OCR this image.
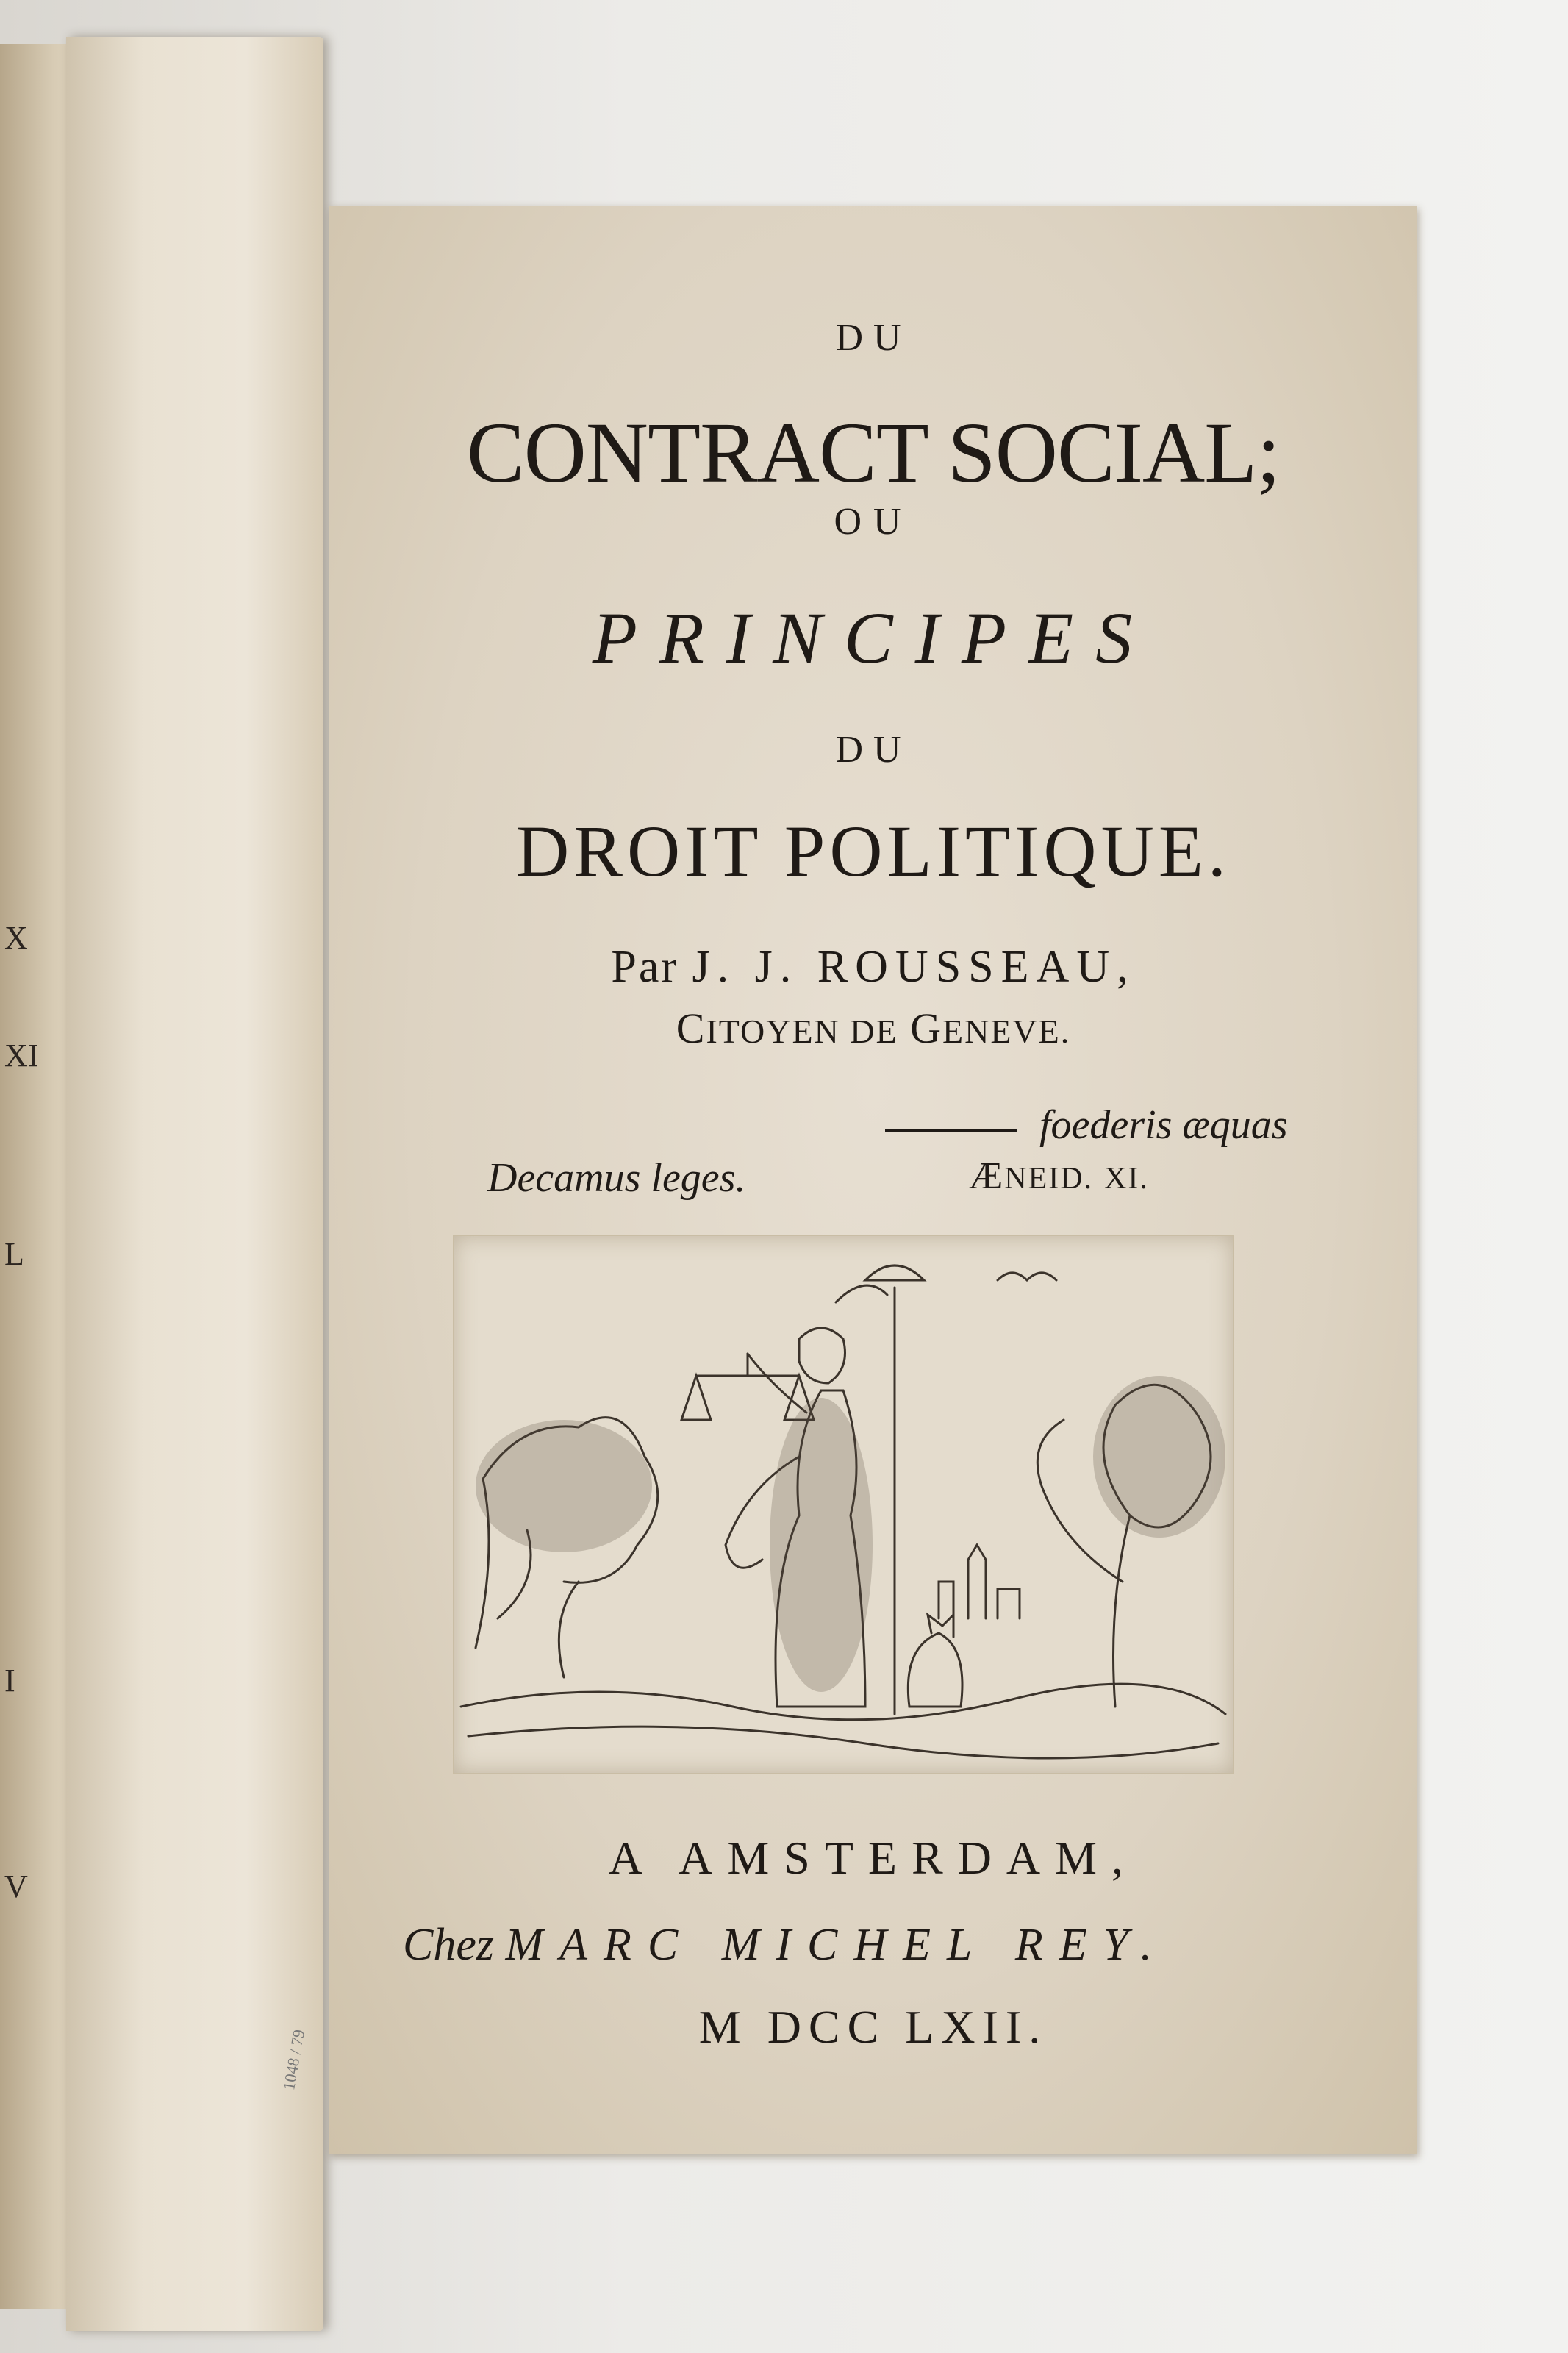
X
XI
L
I
V
1048 / 79
DU
CONTRACT SOCIAL;
OU
PRINCIPES
DU
DROIT POLITIQUE.
Par J. J. ROUSSEAU,
CITOYEN DE GENEVE.
foederis æquas
Decamus leges.	ÆNEID. XI.
A AMSTERDAM,
Chez MARC MICHEL REY.
M DCC LXII.
